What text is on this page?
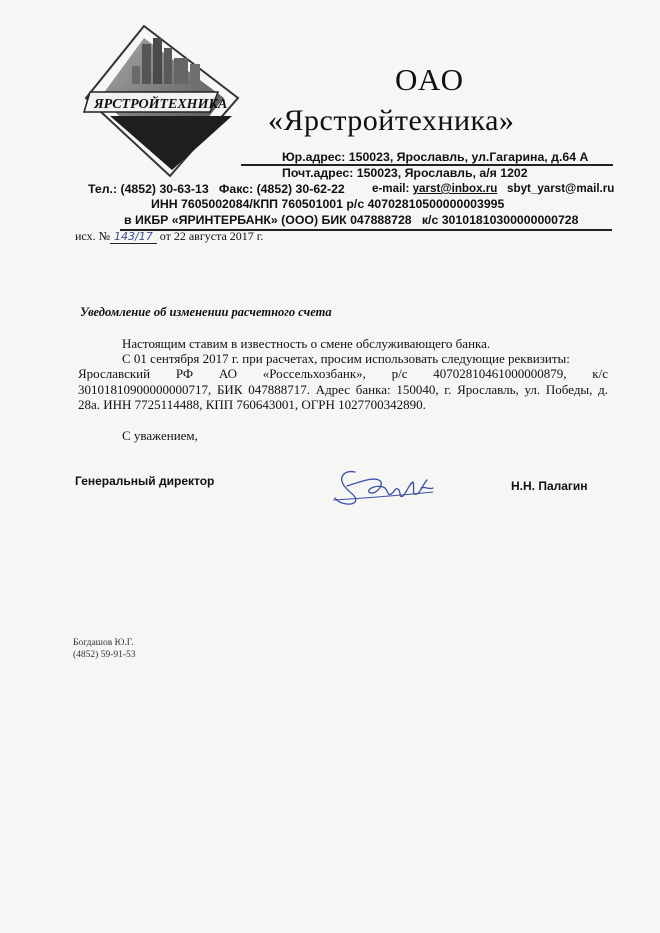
ЯРСТРОЙТЕХНИКА
ОАО
«Ярстройтехника»
Юр.адрес: 150023, Ярославль, ул.Гагарина, д.64 А
Почт.адрес: 150023, Ярославль, а/я 1202
Тел.: (4852) 30-63-13   Факс: (4852) 30-62-22 e-mail: yarst@inbox.ru sbyt_yarst@mail.ru
ИНН 7605002084/КПП 760501001 р/с 40702810500000003995
в ИКБР «ЯРИНТЕРБАНК» (ООО) БИК 047888728   к/с 30101810300000000728
исх. № 143/17 от 22 августа 2017 г.
Уведомление об изменении расчетного счета
Настоящим ставим в известность о смене обслуживающего банка.
С 01 сентября 2017 г. при расчетах, просим использовать следующие реквизиты:
Ярославский РФ АО «Россельхозбанк», р/с 40702810461000000879, к/с
30101810900000000717, БИК 047888717. Адрес банка: 150040, г. Ярославль, ул. Победы, д.
28а. ИНН 7725114488, КПП 760643001, ОГРН 1027700342890.
С уважением,
Генеральный директор	Н.Н. Палагин
Богдашов Ю.Г.
(4852) 59-91-53
